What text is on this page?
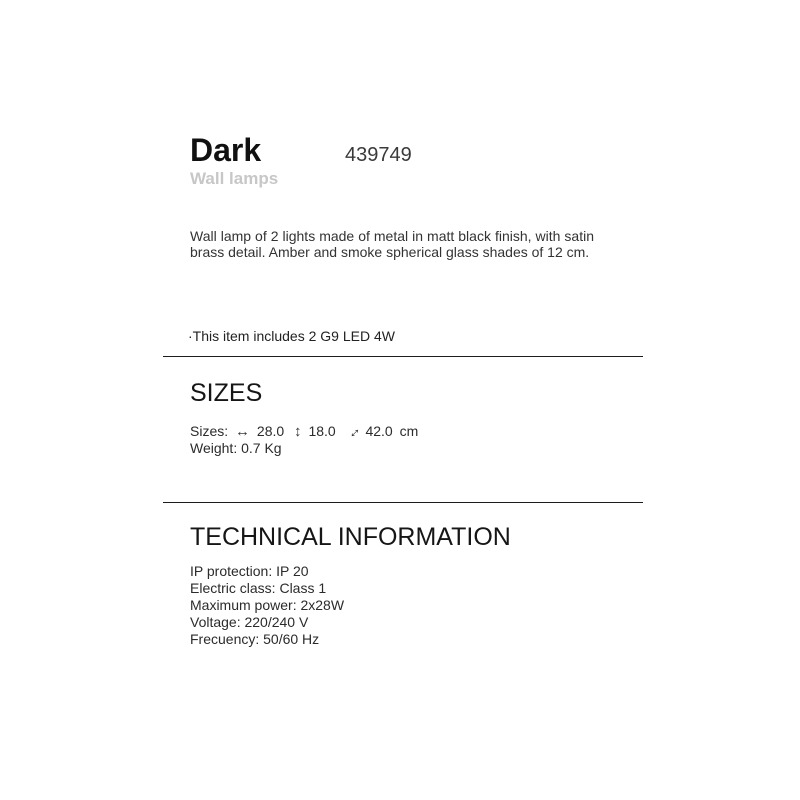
Dark	439749
Wall lamps

Wall lamp of 2 lights made of metal in matt black finish, with satin brass detail. Amber and smoke spherical glass shades of 12 cm.

·This item includes 2 G9 LED 4W
SIZES
Sizes: ↔ 28.0 ↕ 18.0 ↔ 42.0 cm
Weight: 0.7 Kg
TECHNICAL INFORMATION
IP protection: IP 20
Electric class: Class 1
Maximum power: 2x28W
Voltage: 220/240 V
Frecuency: 50/60 Hz
